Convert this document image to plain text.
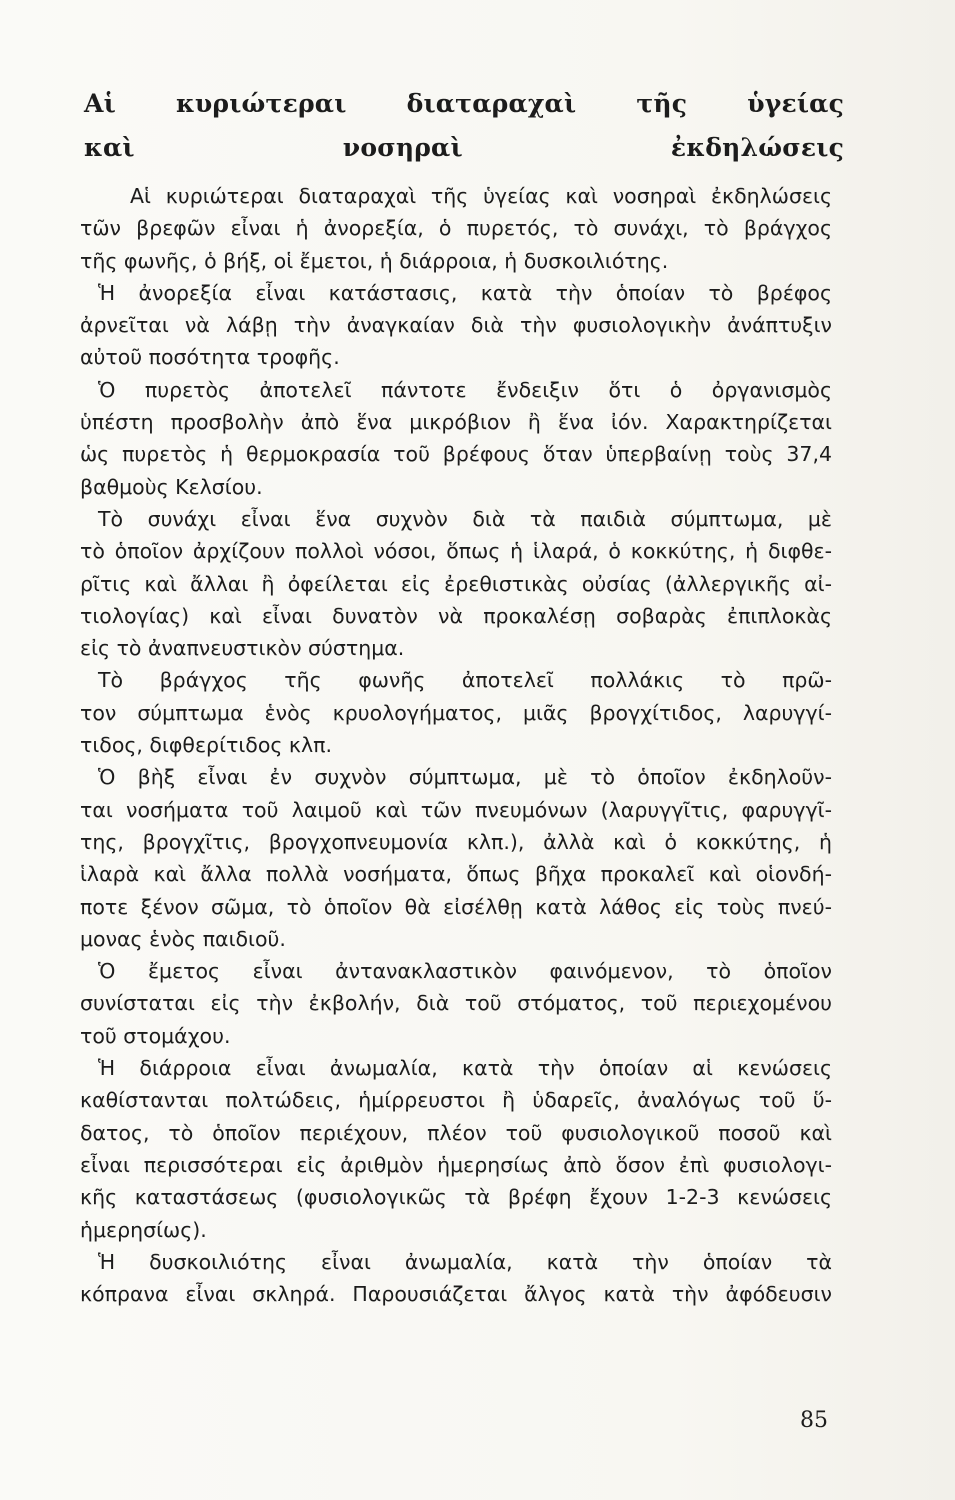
Αἱ κυριώτεραι διαταραχαὶ τῆς ὑγείας
καὶ νοσηραὶ ἐκδηλώσεις
Αἱ κυριώτεραι διαταραχαὶ τῆς ὑγείας καὶ νοσηραὶ ἐκδηλώσεις
τῶν βρεφῶν εἶναι ἡ ἀνορεξία, ὁ πυρετός, τὸ συνάχι, τὸ βράγχος
τῆς φωνῆς, ὁ βήξ, οἱ ἔμετοι, ἡ διάρροια, ἡ δυσκοιλιότης.
Ἡ ἀνορεξία εἶναι κατάστασις, κατὰ τὴν ὁποίαν τὸ βρέφος
ἀρνεῖται νὰ λάβῃ τὴν ἀναγκαίαν διὰ τὴν φυσιολογικὴν ἀνάπτυξιν
αὐτοῦ ποσότητα τροφῆς.
Ὁ πυρετὸς ἀποτελεῖ πάντοτε ἔνδειξιν ὅτι ὁ ὀργανισμὸς
ὑπέστη προσβολὴν ἀπὸ ἕνα μικρόβιον ἢ ἕνα ἰόν. Χαρακτηρίζεται
ὡς πυρετὸς ἡ θερμοκρασία τοῦ βρέφους ὅταν ὑπερβαίνῃ τοὺς 37,4
βαθμοὺς Κελσίου.
Τὸ συνάχι εἶναι ἕνα συχνὸν διὰ τὰ παιδιὰ σύμπτωμα, μὲ
τὸ ὁποῖον ἀρχίζουν πολλοὶ νόσοι, ὅπως ἡ ἱλαρά, ὁ κοκκύτης, ἡ διφθε-
ρῖτις καὶ ἄλλαι ἢ ὀφείλεται εἰς ἐρεθιστικὰς οὐσίας (ἀλλεργικῆς αἰ-
τιολογίας) καὶ εἶναι δυνατὸν νὰ προκαλέσῃ σοβαρὰς ἐπιπλοκὰς
εἰς τὸ ἀναπνευστικὸν σύστημα.
Τὸ βράγχος τῆς φωνῆς ἀποτελεῖ πολλάκις τὸ πρῶ-
τον σύμπτωμα ἑνὸς κρυολογήματος, μιᾶς βρογχίτιδος, λαρυγγί-
τιδος, διφθερίτιδος κλπ.
Ὁ βὴξ εἶναι ἐν συχνὸν σύμπτωμα, μὲ τὸ ὁποῖον ἐκδηλοῦν-
ται νοσήματα τοῦ λαιμοῦ καὶ τῶν πνευμόνων (λαρυγγῖτις, φαρυγγῖ-
της, βρογχῖτις, βρογχοπνευμονία κλπ.), ἀλλὰ καὶ ὁ κοκκύτης, ἡ
ἱλαρὰ καὶ ἄλλα πολλὰ νοσήματα, ὅπως βῆχα προκαλεῖ καὶ οἱονδή-
ποτε ξένον σῶμα, τὸ ὁποῖον θὰ εἰσέλθῃ κατὰ λάθος εἰς τοὺς πνεύ-
μονας ἑνὸς παιδιοῦ.
Ὁ ἔμετος εἶναι ἀντανακλαστικὸν φαινόμενον, τὸ ὁποῖον
συνίσταται εἰς τὴν ἐκβολήν, διὰ τοῦ στόματος, τοῦ περιεχομένου
τοῦ στομάχου.
Ἡ διάρροια εἶναι ἀνωμαλία, κατὰ τὴν ὁποίαν αἱ κενώσεις
καθίστανται πολτώδεις, ἡμίρρευστοι ἢ ὑδαρεῖς, ἀναλόγως τοῦ ὕ-
δατος, τὸ ὁποῖον περιέχουν, πλέον τοῦ φυσιολογικοῦ ποσοῦ καὶ
εἶναι περισσότεραι εἰς ἀριθμὸν ἡμερησίως ἀπὸ ὅσον ἐπὶ φυσιολογι-
κῆς καταστάσεως (φυσιολογικῶς τὰ βρέφη ἔχουν 1-2-3 κενώσεις
ἡμερησίως).
Ἡ δυσκοιλιότης εἶναι ἀνωμαλία, κατὰ τὴν ὁποίαν τὰ
κόπρανα εἶναι σκληρά. Παρουσιάζεται ἄλγος κατὰ τὴν ἀφόδευσιν
85
